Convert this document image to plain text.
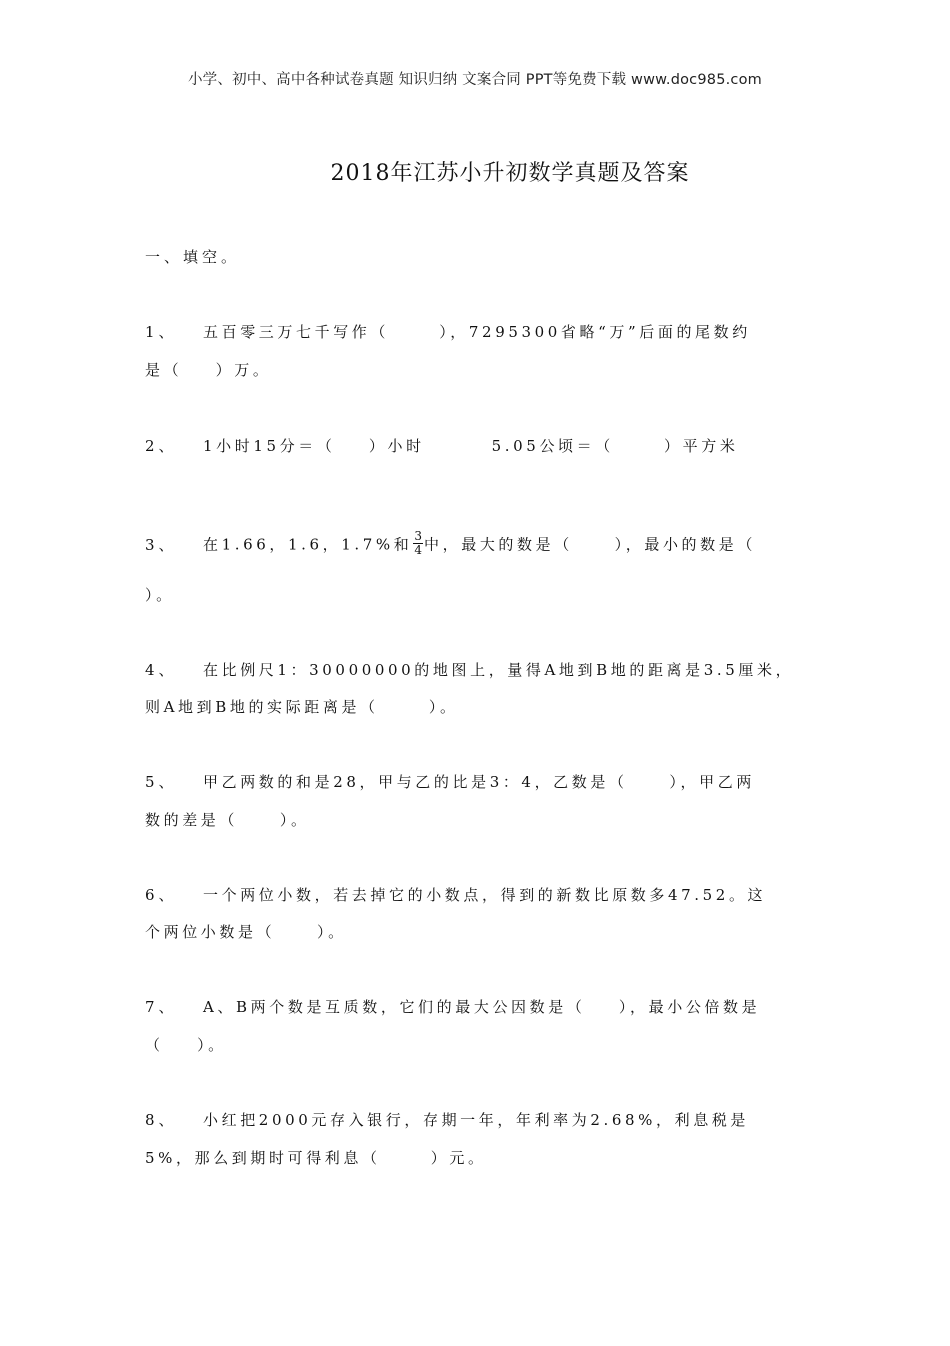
小学、初中、高中各种试卷真题 知识归纳 文案合同 PPT等免费下载 www.doc985.com
2018年江苏小升初数学真题及答案
一、填空。
1、 五百零三万七千写作（      ），7295300省略“万”后面的尾数约
是（    ）万。
2、 1小时15分＝（    ）小时        5.05公顷＝（      ）平方米
3、 在1.66，1.6，1.7%和 $\frac{3}{4}$ 中，最大的数是（     ），最小的数是（
）。
4、 在比例尺1：30000000的地图上，量得A地到B地的距离是3.5厘米，
则A地到B地的实际距离是（      ）。
5、 甲乙两数的和是28，甲与乙的比是3：4，乙数是（     ），甲乙两
数的差是（     ）。
6、 一个两位小数，若去掉它的小数点，得到的新数比原数多47.52。这
个两位小数是（     ）。
7、 A、B两个数是互质数，它们的最大公因数是（    ），最小公倍数是
（    ）。
8、 小红把2000元存入银行，存期一年，年利率为2.68%，利息税是
5%，那么到期时可得利息（      ）元。
